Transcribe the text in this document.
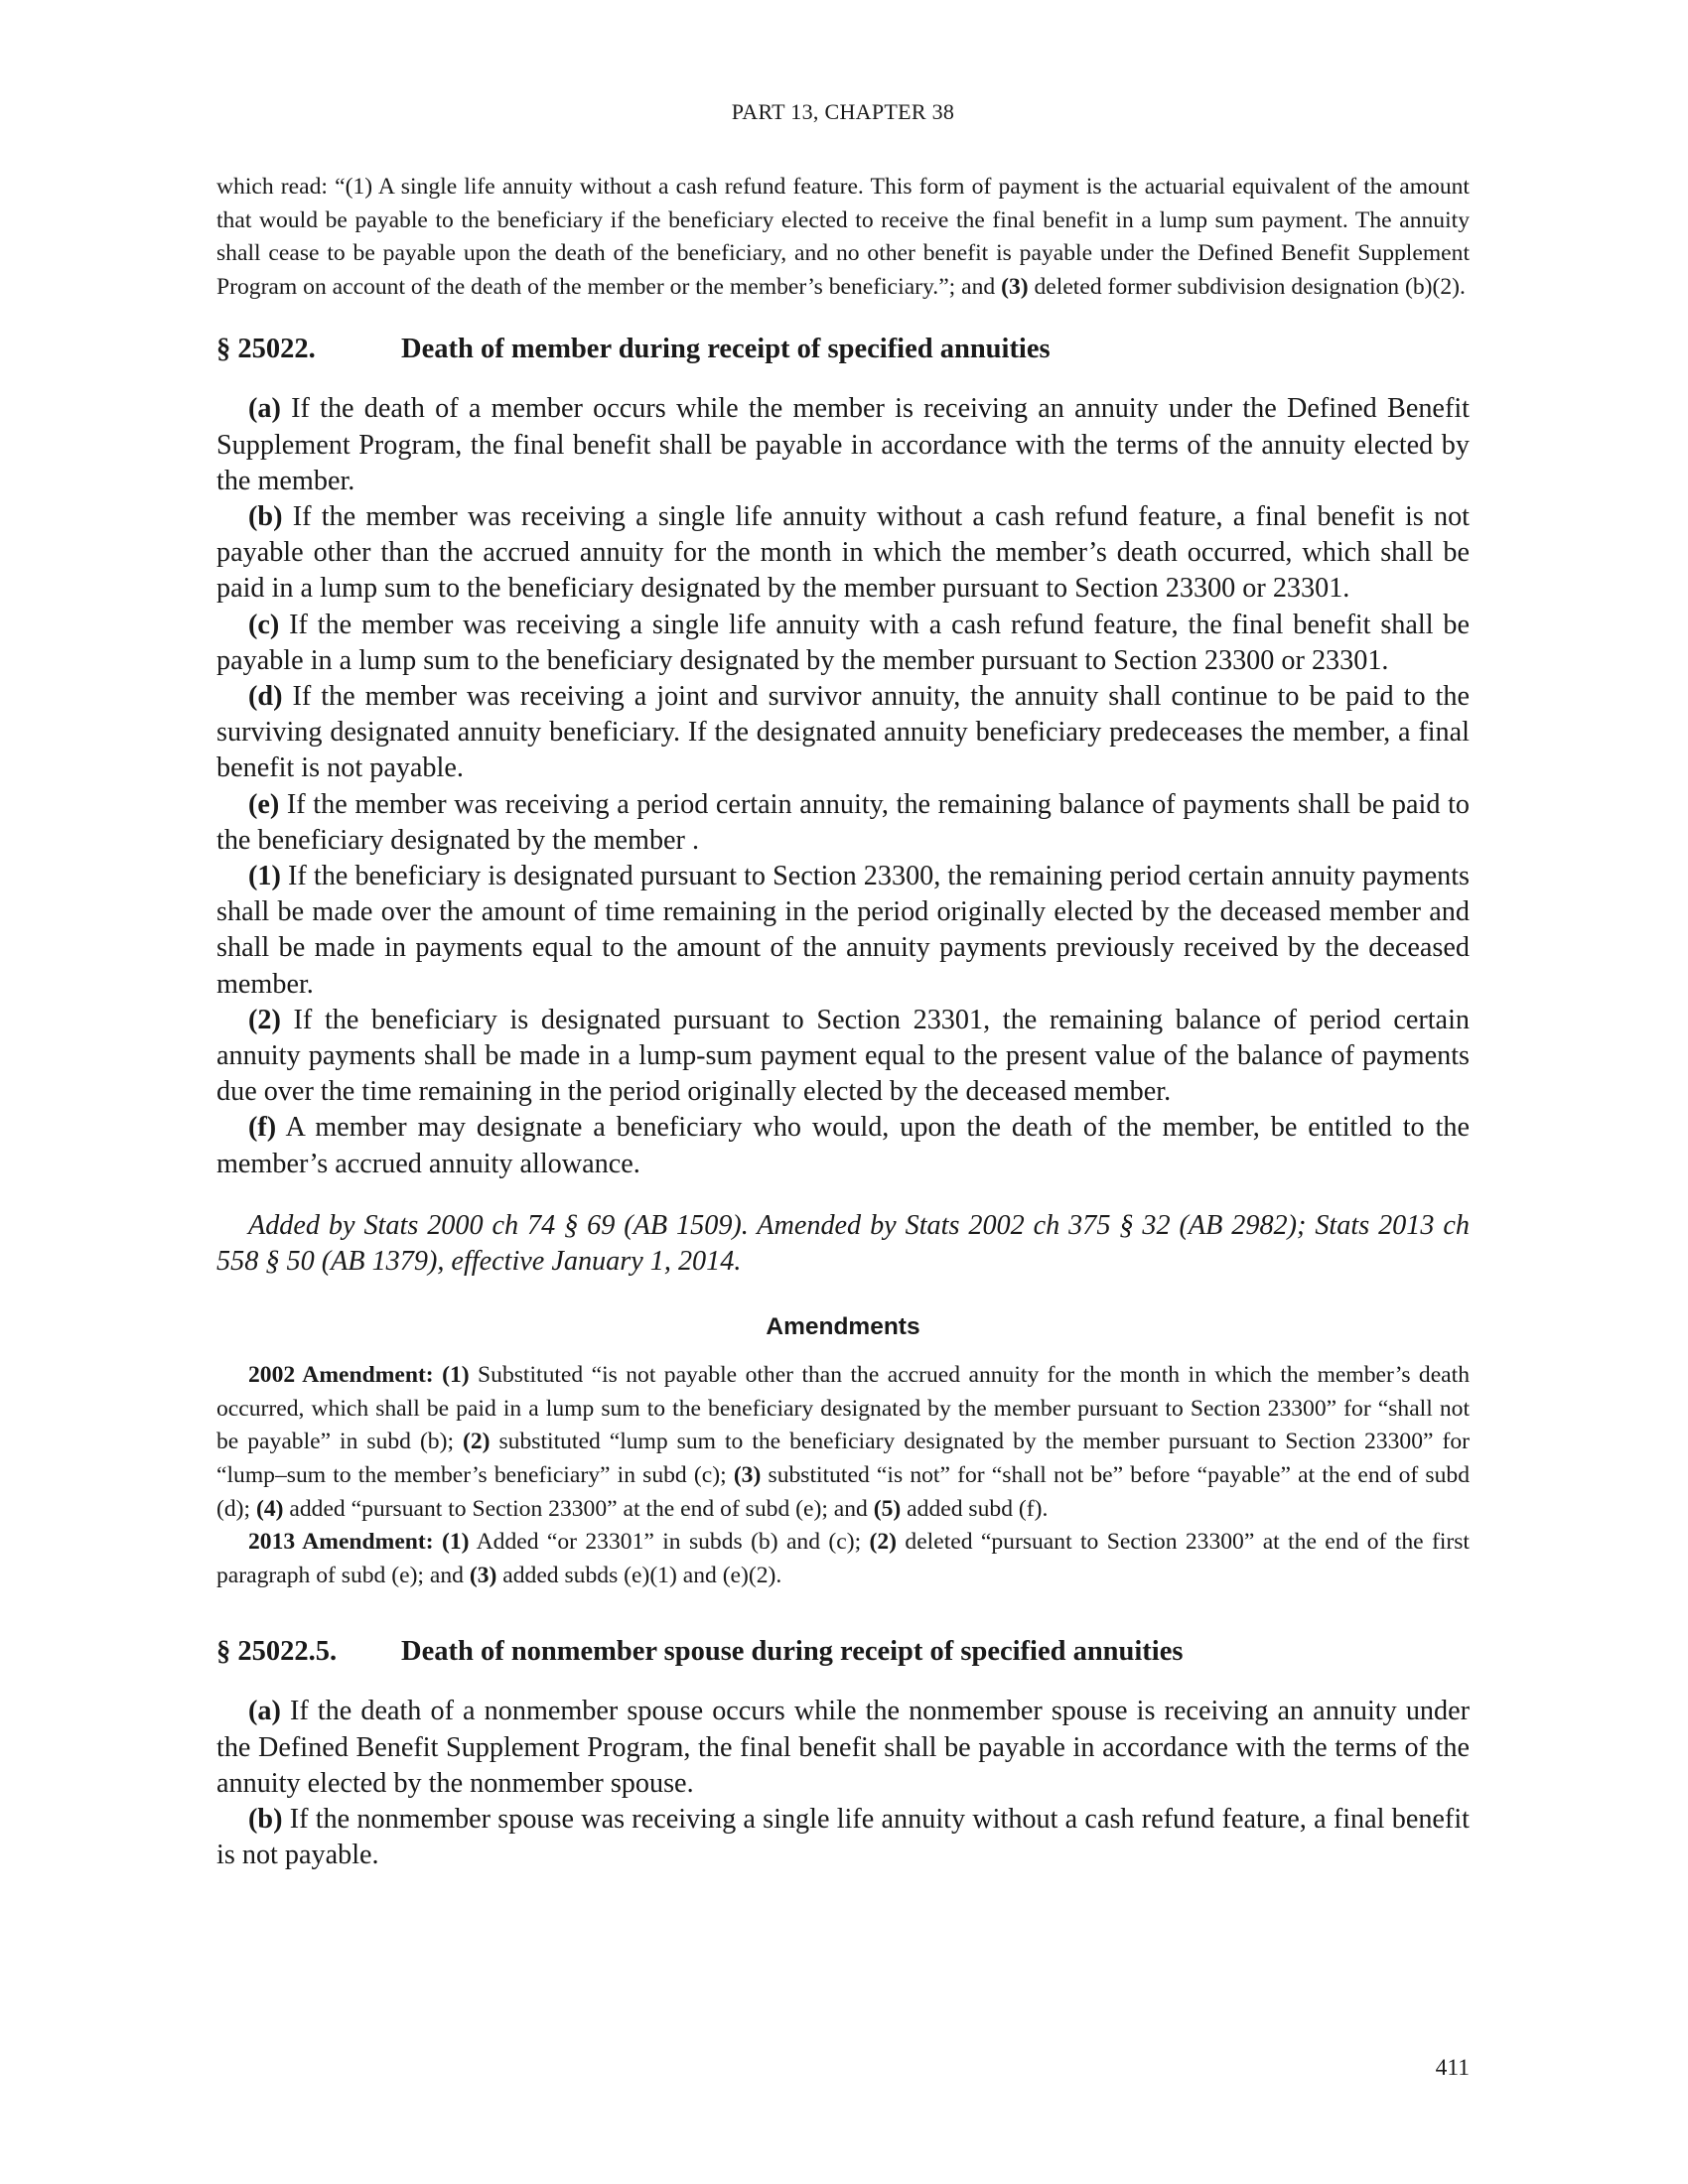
PART 13, CHAPTER 38

which read: “(1) A single life annuity without a cash refund feature. This form of payment is the actuarial equivalent of the amount that would be payable to the beneficiary if the beneficiary elected to receive the final benefit in a lump sum payment. The annuity shall cease to be payable upon the death of the beneficiary, and no other benefit is payable under the Defined Benefit Supplement Program on account of the death of the member or the member’s beneficiary.”; and (3) deleted former subdivision designation (b)(2).

§ 25022.	Death of member during receipt of specified annuities

(a) If the death of a member occurs while the member is receiving an annuity under the Defined Benefit Supplement Program, the final benefit shall be payable in accordance with the terms of the annuity elected by the member.

(b) If the member was receiving a single life annuity without a cash refund feature, a final benefit is not payable other than the accrued annuity for the month in which the member’s death occurred, which shall be paid in a lump sum to the beneficiary designated by the member pursuant to Section 23300 or 23301.

(c) If the member was receiving a single life annuity with a cash refund feature, the final benefit shall be payable in a lump sum to the beneficiary designated by the member pursuant to Section 23300 or 23301.

(d) If the member was receiving a joint and survivor annuity, the annuity shall continue to be paid to the surviving designated annuity beneficiary. If the designated annuity beneficiary predeceases the member, a final benefit is not payable.

(e) If the member was receiving a period certain annuity, the remaining balance of payments shall be paid to the beneficiary designated by the member .

(1) If the beneficiary is designated pursuant to Section 23300, the remaining period certain annuity payments shall be made over the amount of time remaining in the period originally elected by the deceased member and shall be made in payments equal to the amount of the annuity payments previously received by the deceased member.

(2) If the beneficiary is designated pursuant to Section 23301, the remaining balance of period certain annuity payments shall be made in a lump-sum payment equal to the present value of the balance of payments due over the time remaining in the period originally elected by the deceased member.

(f) A member may designate a beneficiary who would, upon the death of the member, be entitled to the member’s accrued annuity allowance.

Added by Stats 2000 ch 74 § 69 (AB 1509). Amended by Stats 2002 ch 375 § 32 (AB 2982); Stats 2013 ch 558 § 50 (AB 1379), effective January 1, 2014.

Amendments

2002 Amendment: (1) Substituted “is not payable other than the accrued annuity for the month in which the member’s death occurred, which shall be paid in a lump sum to the beneficiary designated by the member pursuant to Section 23300” for “shall not be payable” in subd (b); (2) substituted “lump sum to the beneficiary designated by the member pursuant to Section 23300” for “lump–sum to the member’s beneficiary” in subd (c); (3) substituted “is not” for “shall not be” before “payable” at the end of subd (d); (4) added “pursuant to Section 23300” at the end of subd (e); and (5) added subd (f).

2013 Amendment: (1) Added “or 23301” in subds (b) and (c); (2) deleted “pursuant to Section 23300” at the end of the first paragraph of subd (e); and (3) added subds (e)(1) and (e)(2).

§ 25022.5.	Death of nonmember spouse during receipt of specified annuities

(a) If the death of a nonmember spouse occurs while the nonmember spouse is receiving an annuity under the Defined Benefit Supplement Program, the final benefit shall be payable in accordance with the terms of the annuity elected by the nonmember spouse.

(b) If the nonmember spouse was receiving a single life annuity without a cash refund feature, a final benefit is not payable.

411
